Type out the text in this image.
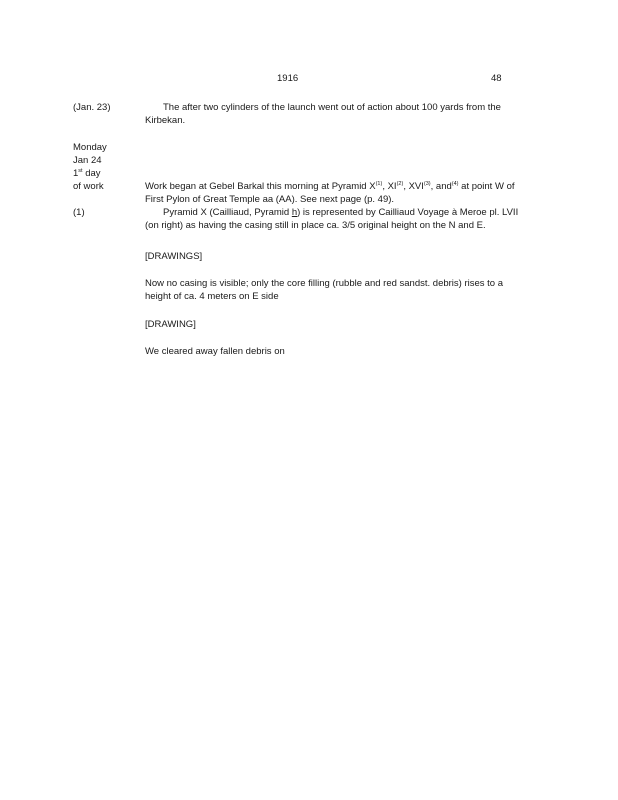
1916	48
(Jan. 23)
Monday
Jan 24
1st day
of work
(1)
The after two cylinders of the launch went out of action about 100 yards from the
Kirbekan.
Work began at Gebel Barkal this morning at Pyramid $X^{(1)}$, XI$^{(2)}$, XVI$^{(3)}$, and$^{(4)}$ at point W of
First Pylon of Great Temple aa (AA). See next page (p. 49).
Pyramid X (Cailliaud, Pyramid h) is represented by Cailliaud Voyage à Meroe pl. LVII
(on right) as having the casing still in place ca. 3/5 original height on the N and E.
[DRAWINGS]
Now no casing is visible; only the core filling (rubble and red sandst. debris) rises to a
height of ca. 4 meters on E side
[DRAWING]
We cleared away fallen debris on
